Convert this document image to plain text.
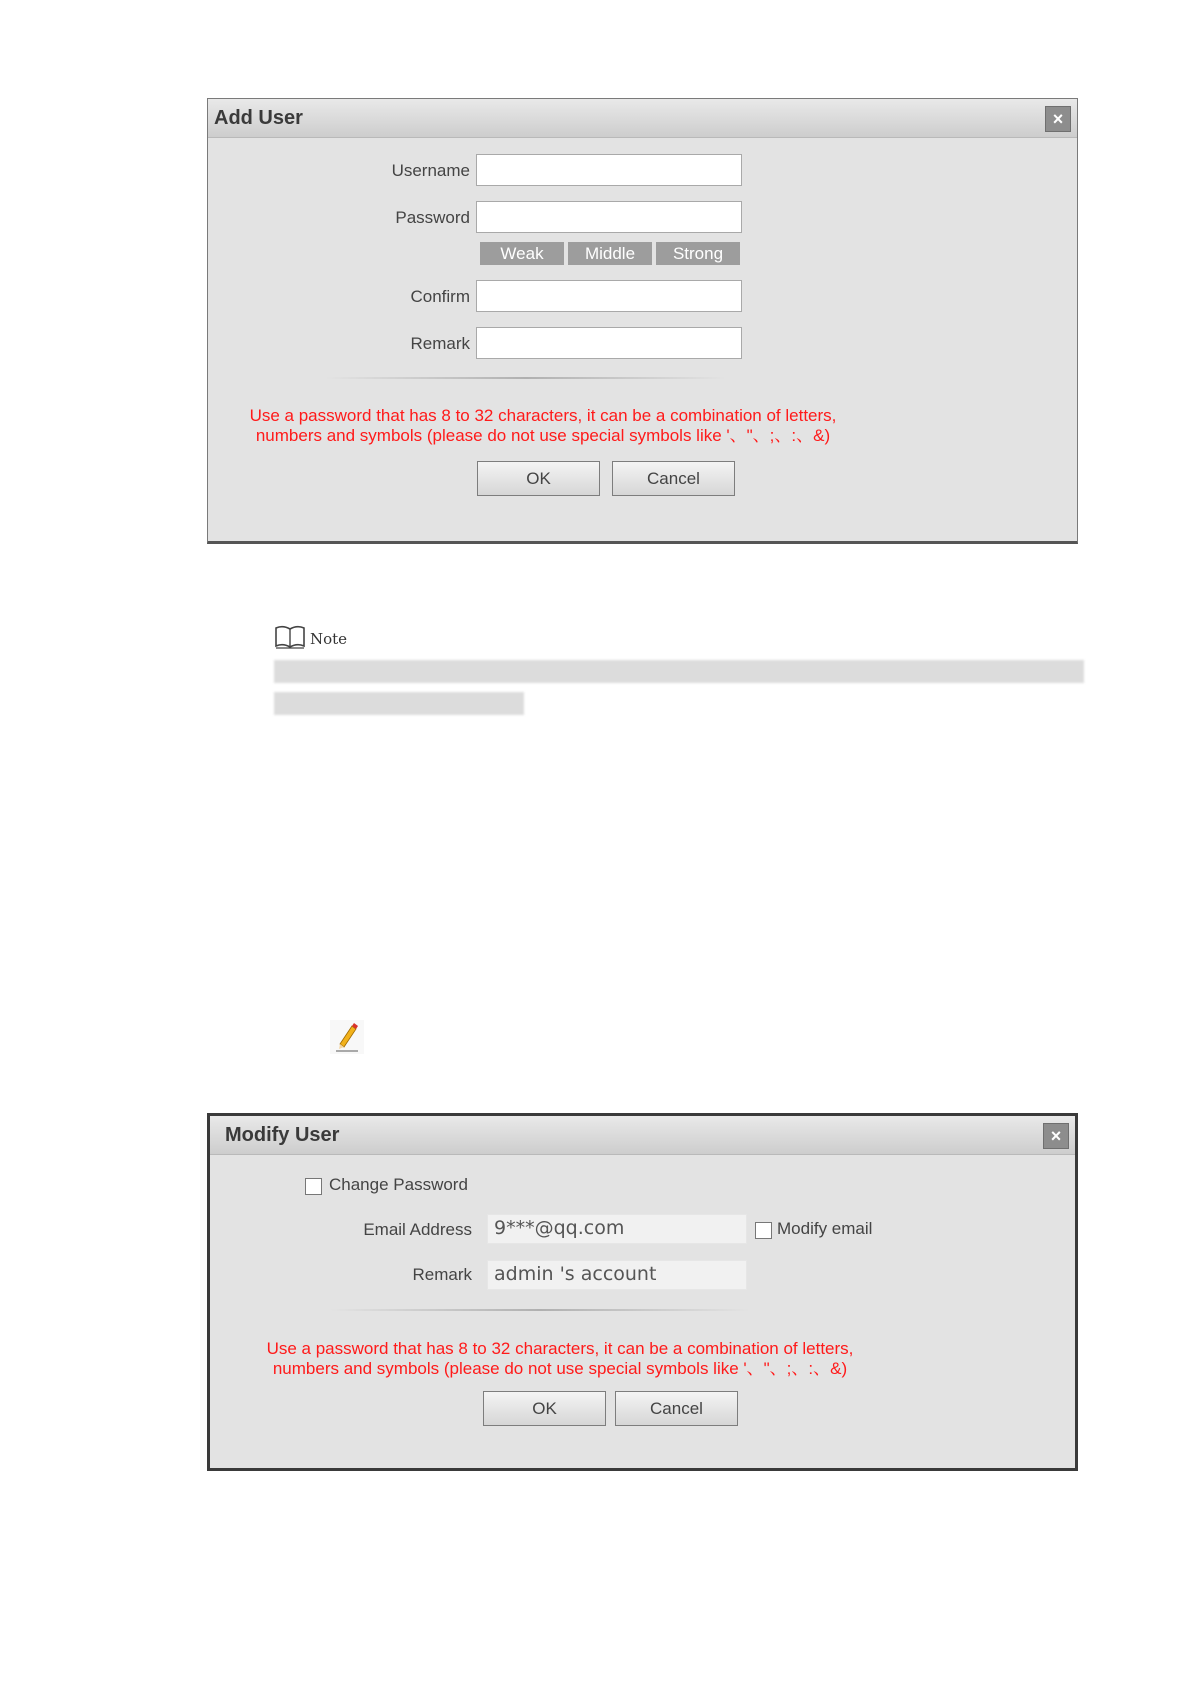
Add User	×
Username
Password
Weak	Middle	Strong
Confirm
Remark
Use a password that has 8 to 32 characters, it can be a combination of letters,
numbers and symbols (please do not use special symbols like '、"、;、:、&)
OK	Cancel
Note
Modify User	×
Change Password
Email Address	9***@qq.com	Modify email
Remark	admin 's account
Use a password that has 8 to 32 characters, it can be a combination of letters,
numbers and symbols (please do not use special symbols like '、"、;、:、&)
OK	Cancel
